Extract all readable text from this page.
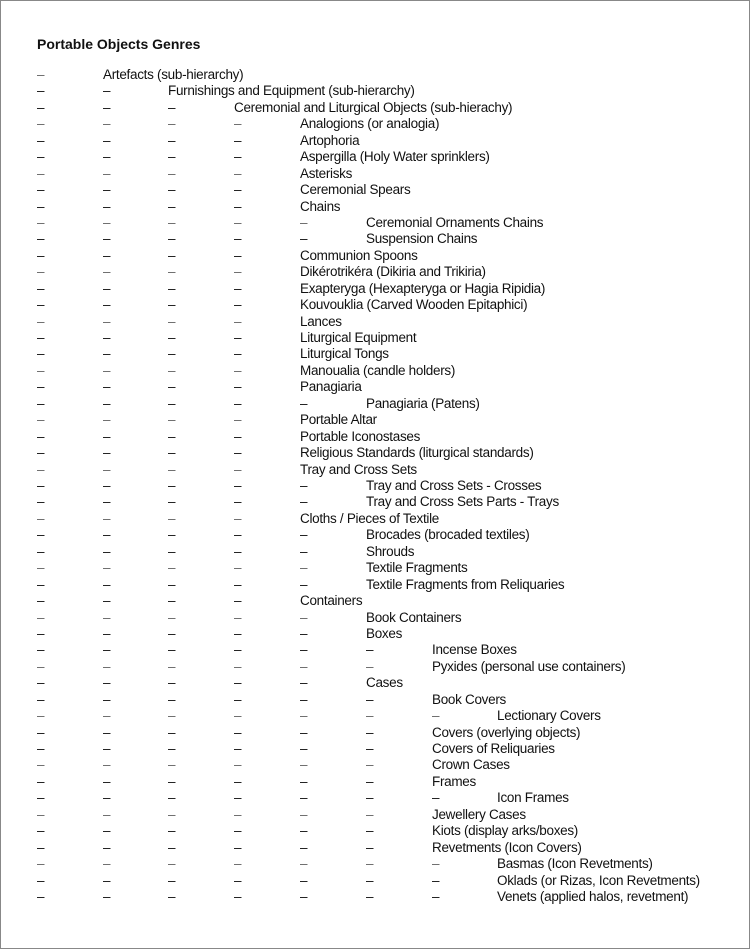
Portable Objects Genres
–	Artefacts (sub-hierarchy)
–	–	Furnishings and Equipment (sub-hierarchy)
–	–	–	Ceremonial and Liturgical Objects (sub-hierachy)
–	–	–	–	Analogions (or analogia)
–	–	–	–	Artophoria
–	–	–	–	Aspergilla (Holy Water sprinklers)
–	–	–	–	Asterisks
–	–	–	–	Ceremonial Spears
–	–	–	–	Chains
–	–	–	–	–	Ceremonial Ornaments Chains
–	–	–	–	–	Suspension Chains
–	–	–	–	Communion Spoons
–	–	–	–	Dikérotrikéra (Dikiria and Trikiria)
–	–	–	–	Exapteryga (Hexapteryga or Hagia Ripidia)
–	–	–	–	Kouvouklia (Carved Wooden Epitaphici)
–	–	–	–	Lances
–	–	–	–	Liturgical Equipment
–	–	–	–	Liturgical Tongs
–	–	–	–	Manoualia (candle holders)
–	–	–	–	Panagiaria
–	–	–	–	–	Panagiaria (Patens)
–	–	–	–	Portable Altar
–	–	–	–	Portable Iconostases
–	–	–	–	Religious Standards (liturgical standards)
–	–	–	–	Tray and Cross Sets
–	–	–	–	–	Tray and Cross Sets - Crosses
–	–	–	–	–	Tray and Cross Sets Parts - Trays
–	–	–	–	Cloths / Pieces of Textile
–	–	–	–	–	Brocades (brocaded textiles)
–	–	–	–	–	Shrouds
–	–	–	–	–	Textile Fragments
–	–	–	–	–	Textile Fragments from Reliquaries
–	–	–	–	Containers
–	–	–	–	–	Book Containers
–	–	–	–	–	Boxes
–	–	–	–	–	–	Incense Boxes
–	–	–	–	–	–	Pyxides (personal use containers)
–	–	–	–	–	Cases
–	–	–	–	–	–	Book Covers
–	–	–	–	–	–	–	Lectionary Covers
–	–	–	–	–	–	Covers (overlying objects)
–	–	–	–	–	–	Covers of Reliquaries
–	–	–	–	–	–	Crown Cases
–	–	–	–	–	–	Frames
–	–	–	–	–	–	–	Icon Frames
–	–	–	–	–	–	Jewellery Cases
–	–	–	–	–	–	Kiots (display arks/boxes)
–	–	–	–	–	–	Revetments (Icon Covers)
–	–	–	–	–	–	–	Basmas (Icon Revetments)
–	–	–	–	–	–	–	Oklads (or Rizas, Icon Revetments)
–	–	–	–	–	–	–	Venets (applied halos, revetment)
